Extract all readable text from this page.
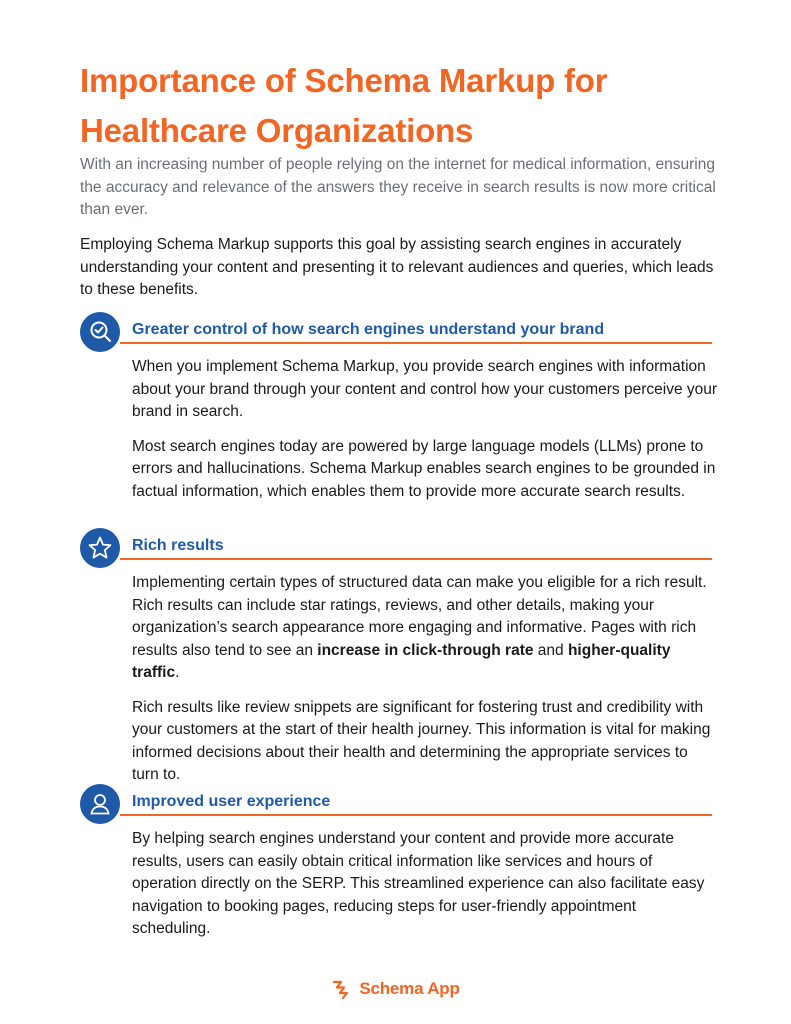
Importance of Schema Markup for Healthcare Organizations
With an increasing number of people relying on the internet for medical information, ensuring the accuracy and relevance of the answers they receive in search results is now more critical than ever.
Employing Schema Markup supports this goal by assisting search engines in accurately understanding your content and presenting it to relevant audiences and queries, which leads to these benefits.
Greater control of how search engines understand your brand

When you implement Schema Markup, you provide search engines with information about your brand through your content and control how your customers perceive your brand in search.

Most search engines today are powered by large language models (LLMs) prone to errors and hallucinations. Schema Markup enables search engines to be grounded in factual information, which enables them to provide more accurate search results.

Rich results

Implementing certain types of structured data can make you eligible for a rich result. Rich results can include star ratings, reviews, and other details, making your organization’s search appearance more engaging and informative. Pages with rich results also tend to see an increase in click-through rate and higher-quality traffic.

Rich results like review snippets are significant for fostering trust and credibility with your customers at the start of their health journey. This information is vital for making informed decisions about their health and determining the appropriate services to turn to.

Improved user experience

By helping search engines understand your content and provide more accurate results, users can easily obtain critical information like services and hours of operation directly on the SERP. This streamlined experience can also facilitate easy navigation to booking pages, reducing steps for user-friendly appointment scheduling.

Schema App
